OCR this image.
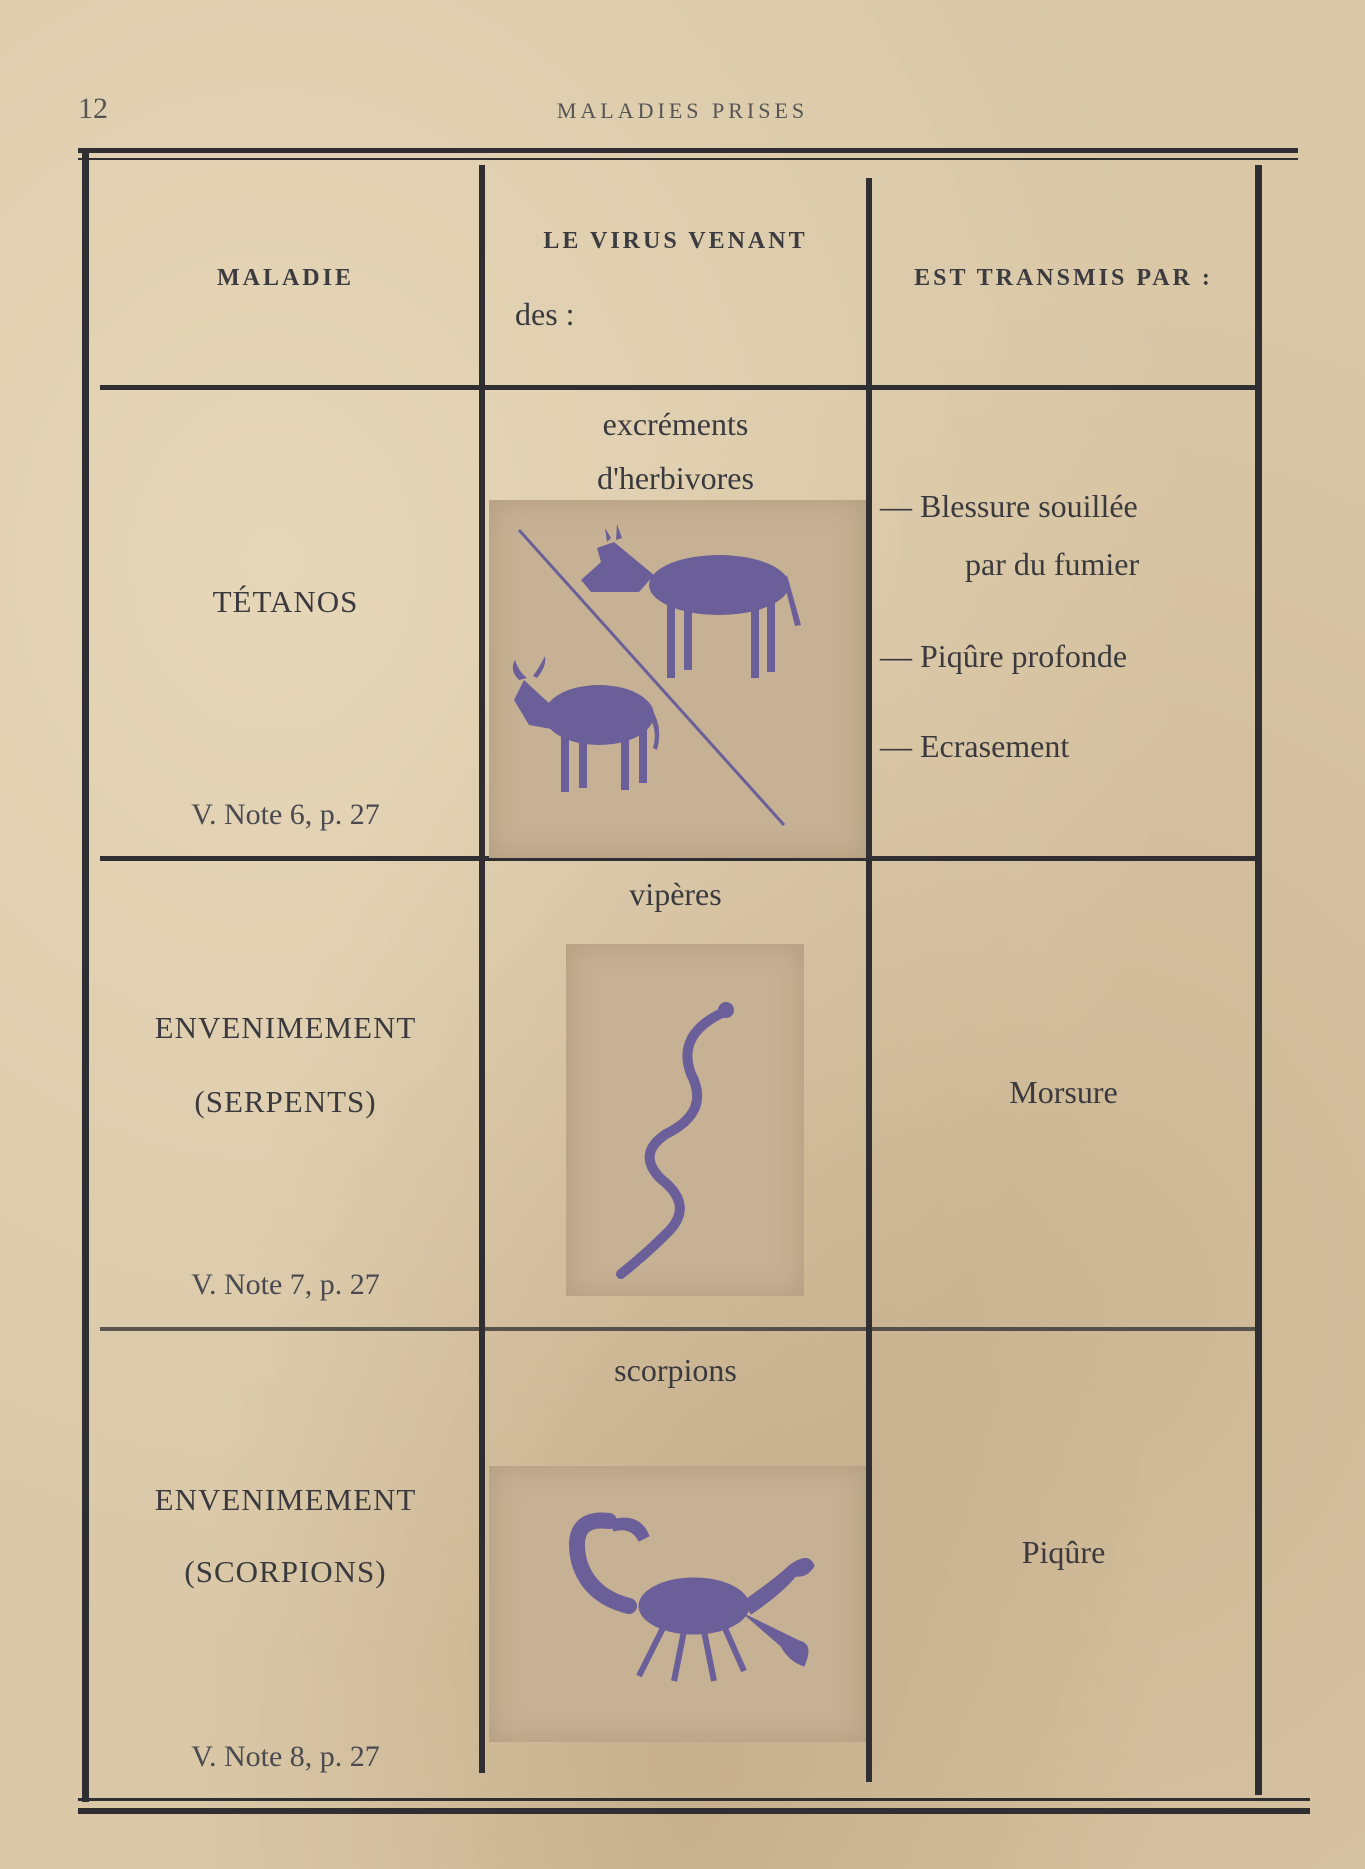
12	MALADIES PRISES
MALADIE
LE VIRUS VENANT
des :
EST TRANSMIS PAR :
TÉTANOS
V. Note 6, p. 27
excréments
d'herbivores
— Blessure souillée
par du fumier
— Piqûre profonde
— Ecrasement
ENVENIMEMENT
(SERPENTS)
V. Note 7, p. 27
vipères
Morsure
ENVENIMEMENT
(SCORPIONS)
V. Note 8, p. 27
scorpions
Piqûre
